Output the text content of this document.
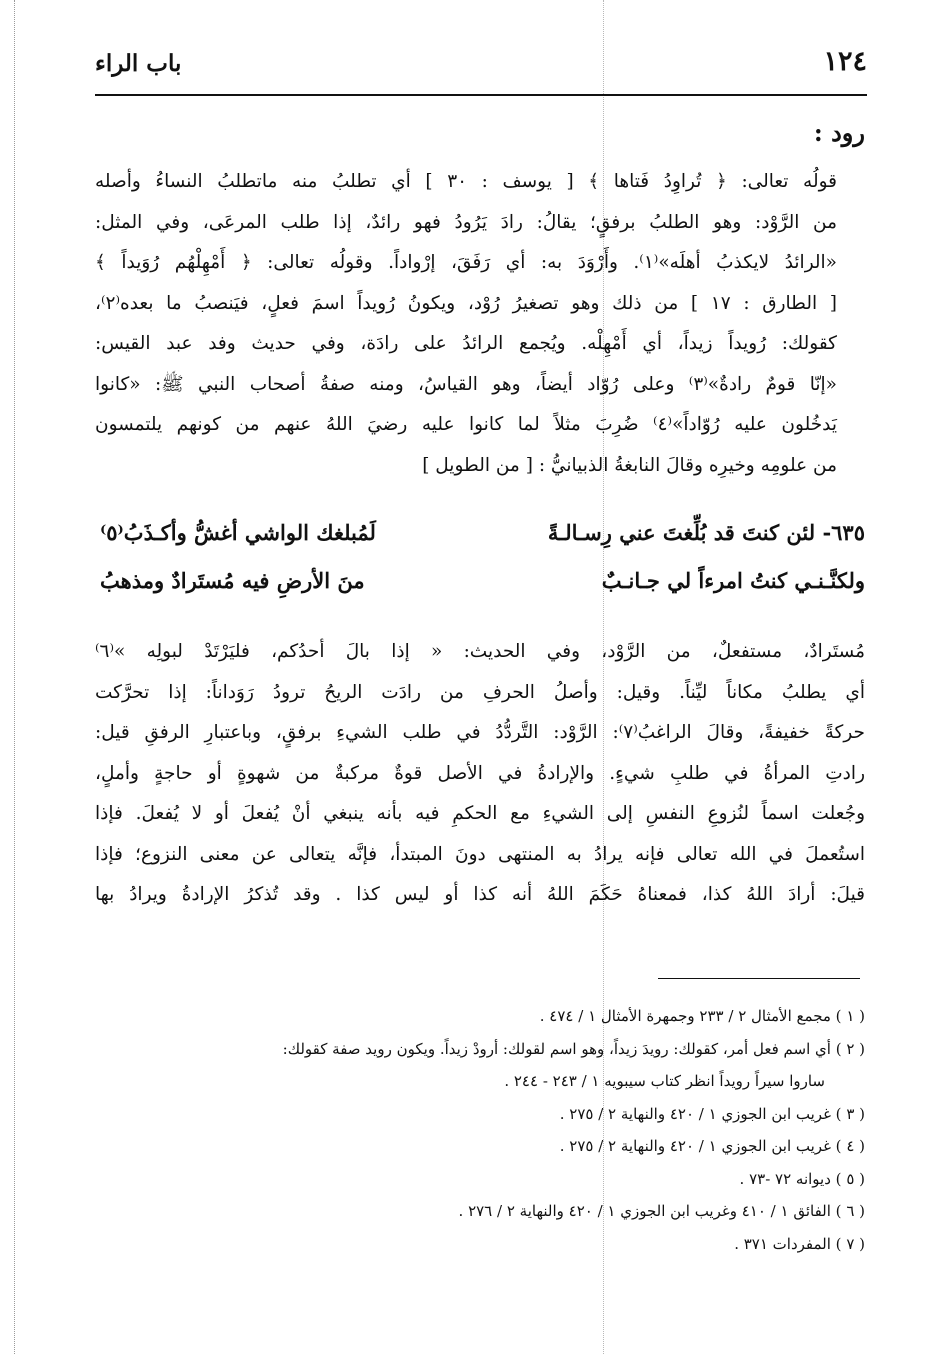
١٢٤
باب الراء
رود :
قولُه تعالى: ﴿ تُراوِدُ فَتاها ﴾ [ يوسف : ٣٠ ] أي تطلبُ منه ماتطلبُ النساءُ وأصله
من الرَّوْد: وهو الطلبُ برفقٍ؛ يقالُ: رادَ يَرُودُ فهو رائدٌ، إذا طلب المرعَى، وفي المثل:
«الرائدُ لايكذبُ أهلَه»⁽١⁾. وأَرْوَدَ به: أي رَفَقَ، إرْواداً. وقولُه تعالى: ﴿ أَمْهِلْهُم رُوَيداً ﴾
[ الطارق : ١٧ ] من ذلك وهو تصغيرُ رُوْد، ويكونُ رُويداً اسمَ فعلٍ، فيَنصبُ ما بعده⁽٢⁾،
كقولك: رُويداً زيداً، أي أَمْهِلْه. ويُجمع الرائدُ على رادَة، وفي حديث وفد عبد القيس:
«إنّا قومٌ رادةٌ»⁽٣⁾ وعلى رُوّاد أيضاً، وهو القياسُ، ومنه صفةُ أصحاب النبي ﷺ: «كانوا
يَدخُلون عليه رُوّاداً»⁽٤⁾ ضُرِبَ مثلاً لما كانوا عليه رضيَ اللهُ عنهم من كونهم يلتمسون
من علومِه وخيرِه وقالَ النابغةُ الذبيانيُّ : [ من الطويل ]
٦٣٥- لئن كنتَ قد بُلِّغتَ عني رِسـالـةً
لَمُبلغك الواشي أغشُّ وأكـذَبُ⁽٥⁾
ولكنَّـنـي كنتُ امرءاً لي جـانـبٌ
منَ الأرضِ فيه مُستَرادٌ ومذهبُ
مُستَرادٌ، مستفعلٌ، من الرَّوْد، وفي الحديث: « إذا بالَ أحدُكم، فليَرْتَدْ لبولِه »⁽٦⁾
أي يطلبُ مكاناً ليِّناً. وقيل: وأصلُ الحرفِ من رادَت الريحُ ترودُ رَوَداناً: إذا تحرَّكت
حركةً خفيفةً، وقالَ الراغبُ⁽٧⁾: الرَّوْد: التَّردُّدُ في طلب الشيءِ برفقٍ، وباعتبارِ الرفقِ قيل:
رادتِ المرأةُ في طلبِ شيءٍ. والإرادةُ في الأصل قوةٌ مركبةٌ من شهوةٍ أو حاجةٍ وأملٍ،
وجُعلت اسماً لنُزوعِ النفسِ إلى الشيءِ مع الحكمِ فيه بأنه ينبغي أنْ يُفعلَ أو لا يُفعلَ. فإذا
استُعملَ في الله تعالى فإنه يرادُ به المنتهى دونَ المبتدأ، فإنَّه يتعالى عن معنى النزوع؛ فإذا
قيلَ: أرادَ اللهُ كذا، فمعناهُ حَكَمَ اللهُ أنه كذا أو ليس كذا . وقد تُذكرُ الإرادةُ ويرادُ بها
( ١ ) مجمع الأمثال ٢ / ٢٣٣ وجمهرة الأمثال ١ / ٤٧٤ .
( ٢ ) أي اسم فعل أمر، كقولك: رويدَ زيداً، وهو اسم لقولك: أرودْ زيداً. ويكون رويد صفة كقولك:
ساروا سيراً رويداً انظر كتاب سيبويه ١ / ٢٤٣ - ٢٤٤ .
( ٣ ) غريب ابن الجوزي ١ / ٤٢٠ والنهاية ٢ / ٢٧٥ .
( ٤ ) غريب ابن الجوزي ١ / ٤٢٠ والنهاية ٢ / ٢٧٥ .
( ٥ ) ديوانه ٧٢ -٧٣ .
( ٦ ) الفائق ١ / ٤١٠ وغريب ابن الجوزي ١ / ٤٢٠ والنهاية ٢ / ٢٧٦ .
( ٧ ) المفردات ٣٧١ .
